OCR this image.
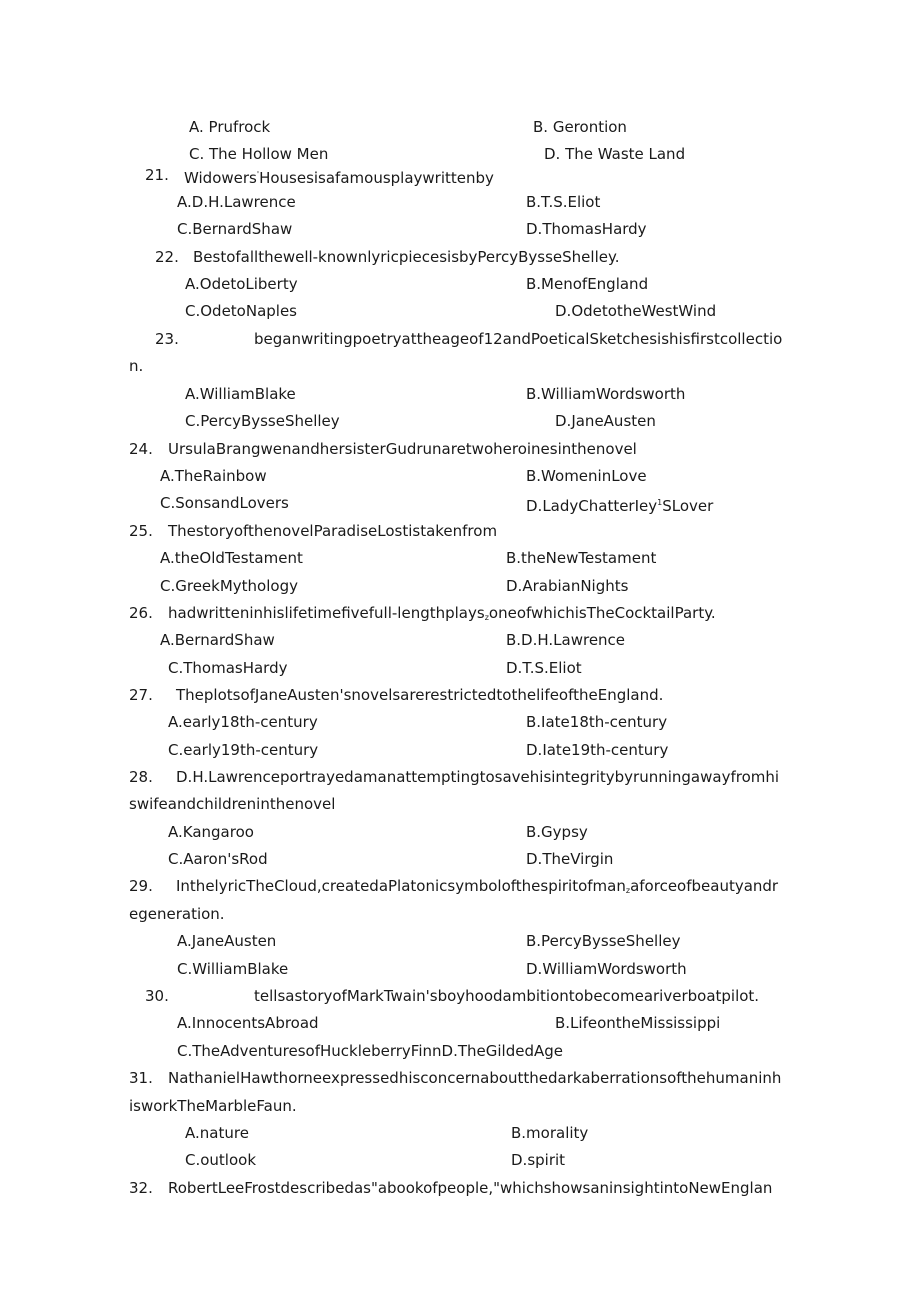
A. Prufrock	B. Gerontion
C. The Hollow Men	D. The Waste Land
21. Widowers'Housesisafamousplaywrittenby
A.D.H.Lawrence	B.T.S.Eliot
C.BernardShaw	D.ThomasHardy
22. Bestofallthewell-knownlyricpiecesisbyPercyBysseShelley.
A.OdetoLiberty	B.MenofEngland
C.OdetoNaples	D.OdetotheWestWind
23.	beganwritingpoetryattheageof12andPoeticalSketchesishisfirstcollectio
n.
A.WilliamBlake	B.WilliamWordsworth
C.PercyBysseShelley	D.JaneAusten
24. UrsulaBrangwenandhersisterGudrunaretwoheroinesinthenovel
A.TheRainbow	B.WomeninLove
C.SonsandLovers	D.LadyChatterIey$^1$SLover
25. ThestoryofthenovelParadiseLostistakenfrom
A.theOldTestament	B.theNewTestament
C.GreekMythology	D.ArabianNights
26. hadwritteninhislifetimefivefull-lengthplays$_z$oneofwhichisTheCocktailParty.
A.BernardShaw	B.D.H.Lawrence
C.ThomasHardy	D.T.S.Eliot
27. TheplotsofJaneAusten'snovelsarerestrictedtothelifeoftheEngland.
A.early18th-century	B.Iate18th-century
C.early19th-century	D.Iate19th-century
28. D.H.Lawrenceportrayedamanattemptingtosavehisintegritybyrunningawayfromhi
swifeandchildreninthenovel
A.Kangaroo	B.Gypsy
C.Aaron'sRod	D.TheVirgin
29. InthelyricTheCloud,createdaPlatonicsymbolofthespiritofman$_z$aforceofbeautyandr
egeneration.
A.JaneAusten	B.PercyBysseShelley
C.WilliamBlake	D.WilliamWordsworth
30.	tellsastoryofMarkTwain'sboyhoodambitiontobecomeariverboatpilot.
A.InnocentsAbroad	B.LifeontheMississippi
C.TheAdventuresofHuckleberryFinnD.TheGildedAge
31. NathanielHawthorneexpressedhisconcernaboutthedarkaberrationsofthehumaninh
isworkTheMarbleFaun.
A.nature	B.morality
C.outlook	D.spirit
32. RobertLeeFrostdescribedas"abookofpeople,"whichshowsaninsightintoNewEnglan
